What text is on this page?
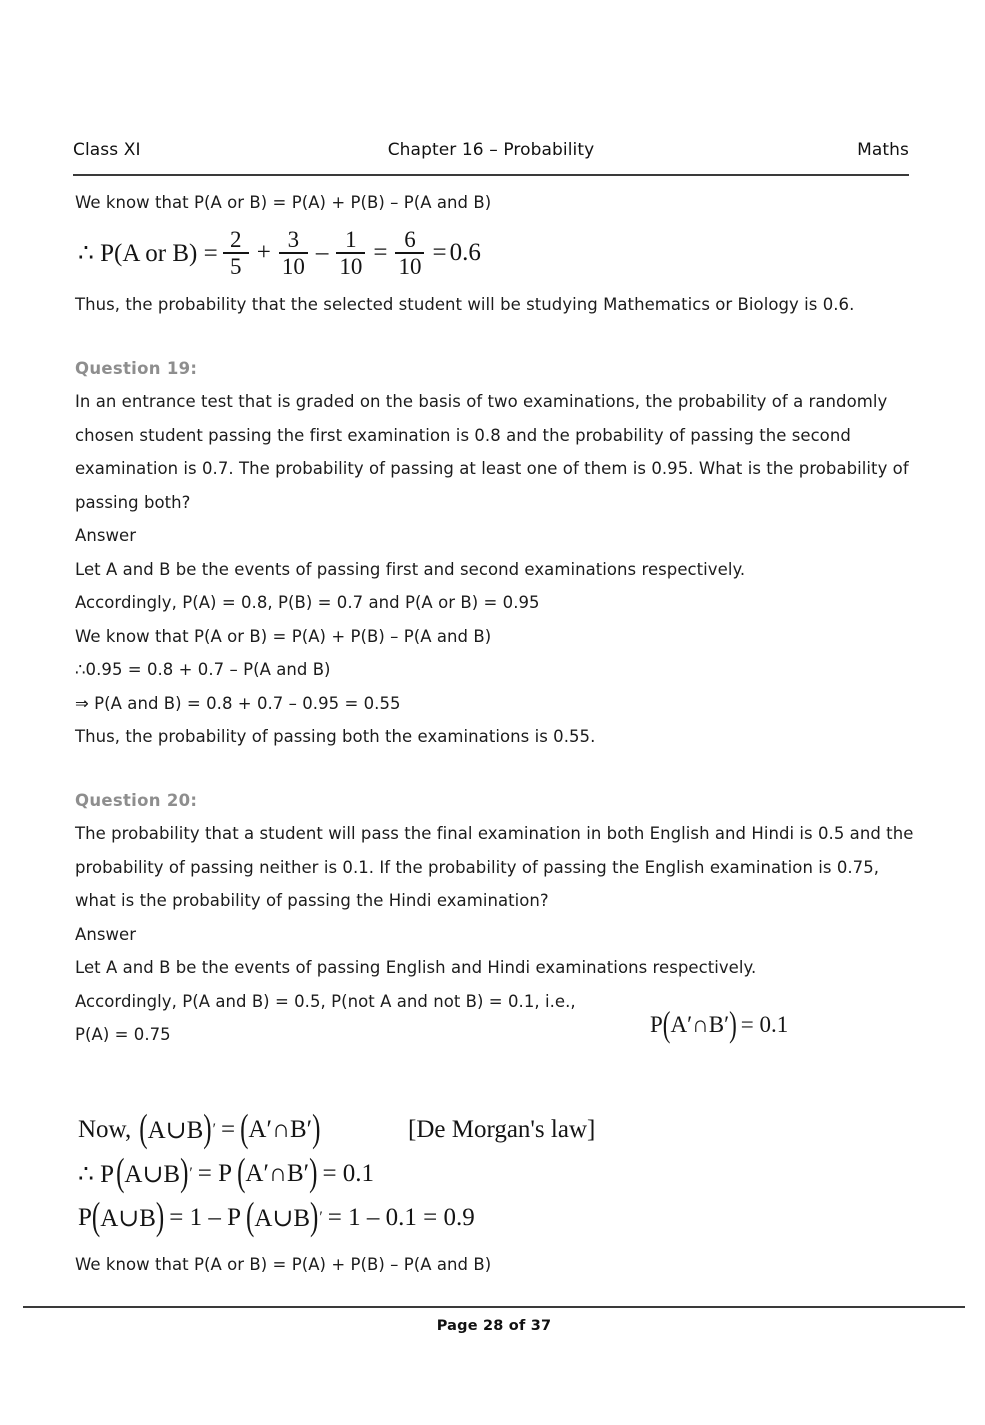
Class XI	Chapter 16 – Probability	Maths
We know that P(A or B) = P(A) + P(B) – P(A and B)
∴ P(A or $B) = \frac{2}{5} + \frac{3}{10} - \frac{1}{10} = \frac{6}{10} = 0.6$
Thus, the probability that the selected student will be studying Mathematics or Biology is 0.6.
Question 19:
In an entrance test that is graded on the basis of two examinations, the probability of a randomly chosen student passing the first examination is 0.8 and the probability of passing the second examination is 0.7. The probability of passing at least one of them is 0.95. What is the probability of passing both?
Answer
Let A and B be the events of passing first and second examinations respectively.
Accordingly, P(A) = 0.8, P(B) = 0.7 and P(A or B) = 0.95
We know that P(A or B) = P(A) + P(B) – P(A and B)
∴0.95 = 0.8 + 0.7 – P(A and B)
⇒ P(A and B) = 0.8 + 0.7 – 0.95 = 0.55
Thus, the probability of passing both the examinations is 0.55.
Question 20:
The probability that a student will pass the final examination in both English and Hindi is 0.5 and the probability of passing neither is 0.1. If the probability of passing the English examination is 0.75, what is the probability of passing the Hindi examination?
Answer
Let A and B be the events of passing English and Hindi examinations respectively.
Accordingly, P(A and B) = 0.5, P(not A and not B) = 0.1, i.e.,
P(A) = 0.75	P(A′∩B′) = 0.1
Now, ( A∪B ) ′ = ( A′∩B′ )	[De Morgan's law]
∴ P ( A∪B ) ′ = P ( A′∩B′ ) = 0.1
P ( A∪B ) = 1 – P ( A∪B ) ′ = 1 – 0.1 = 0.9
We know that P(A or B) = P(A) + P(B) – P(A and B)
Page 28 of 37
